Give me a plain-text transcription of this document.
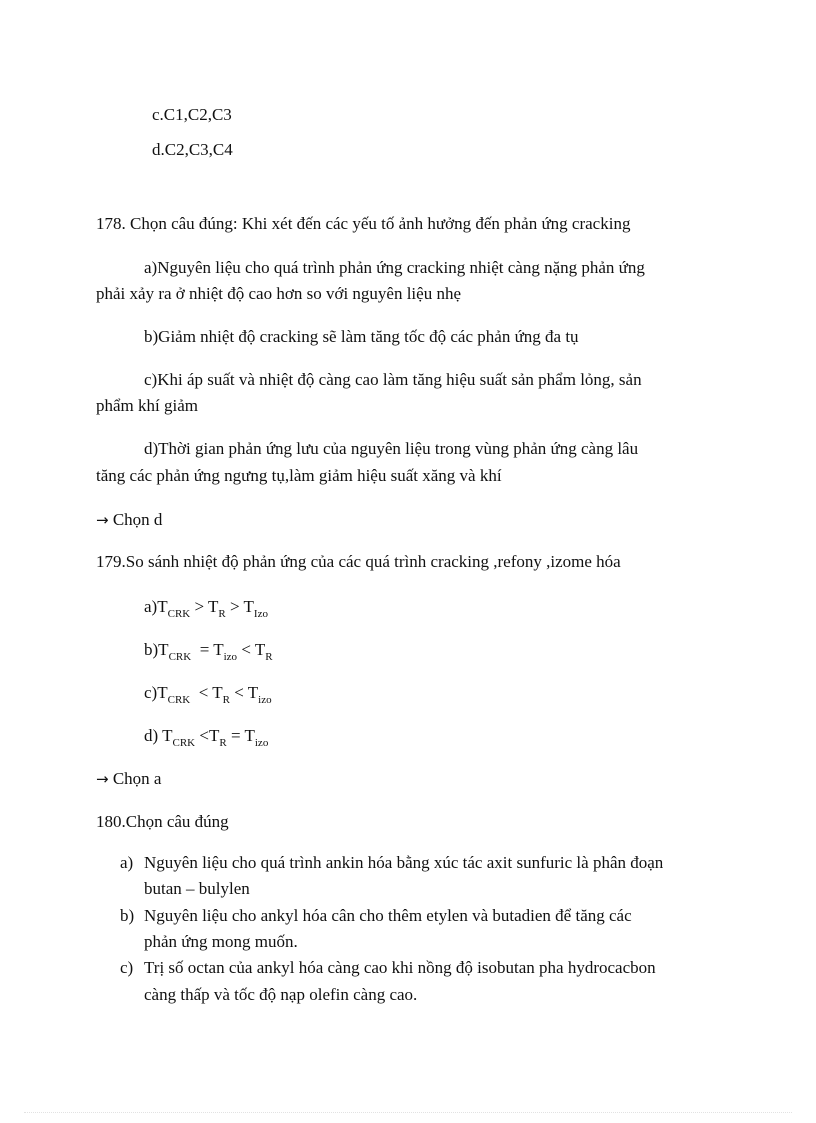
c.C1,C2,C3
d.C2,C3,C4
178. Chọn câu đúng: Khi xét đến các yếu tố ảnh hưởng đến phản ứng cracking
a)Nguyên liệu cho quá trình phản ứng cracking nhiệt càng nặng phản ứng
phải xảy ra ở nhiệt độ cao hơn so với nguyên liệu nhẹ
b)Giảm nhiệt độ cracking sẽ làm tăng tốc độ các phản ứng đa tụ
c)Khi áp suất và nhiệt độ càng cao làm tăng hiệu suất sản phẩm lỏng, sản
phẩm khí giảm
d)Thời gian phản ứng lưu của nguyên liệu trong vùng phản ứng càng lâu
tăng các phản ứng ngưng tụ,làm giảm hiệu suất xăng và khí
→ Chọn d
179.So sánh nhiệt độ phản ứng của các quá trình cracking ,refony ,izome hóa
$a)T_{CRK} > T_R > T_{Izo}$
$b)T_{CRK} = T_{izo} < T_R$
$c)T_{CRK} < T_R < T_{izo}$
d) $T_{CRK} <T_R = T_{izo}$
→ Chọn a
180.Chọn câu đúng
a) Nguyên liệu cho quá trình ankin hóa bằng xúc tác axit sunfuric là phân đoạn
butan – bulylen
b) Nguyên liệu cho ankyl hóa cân cho thêm etylen và butadien để tăng các
phản ứng mong muốn.
c) Trị số octan của ankyl hóa càng cao khi nồng độ isobutan pha hydrocacbon
càng thấp và tốc độ nạp olefin càng cao.
